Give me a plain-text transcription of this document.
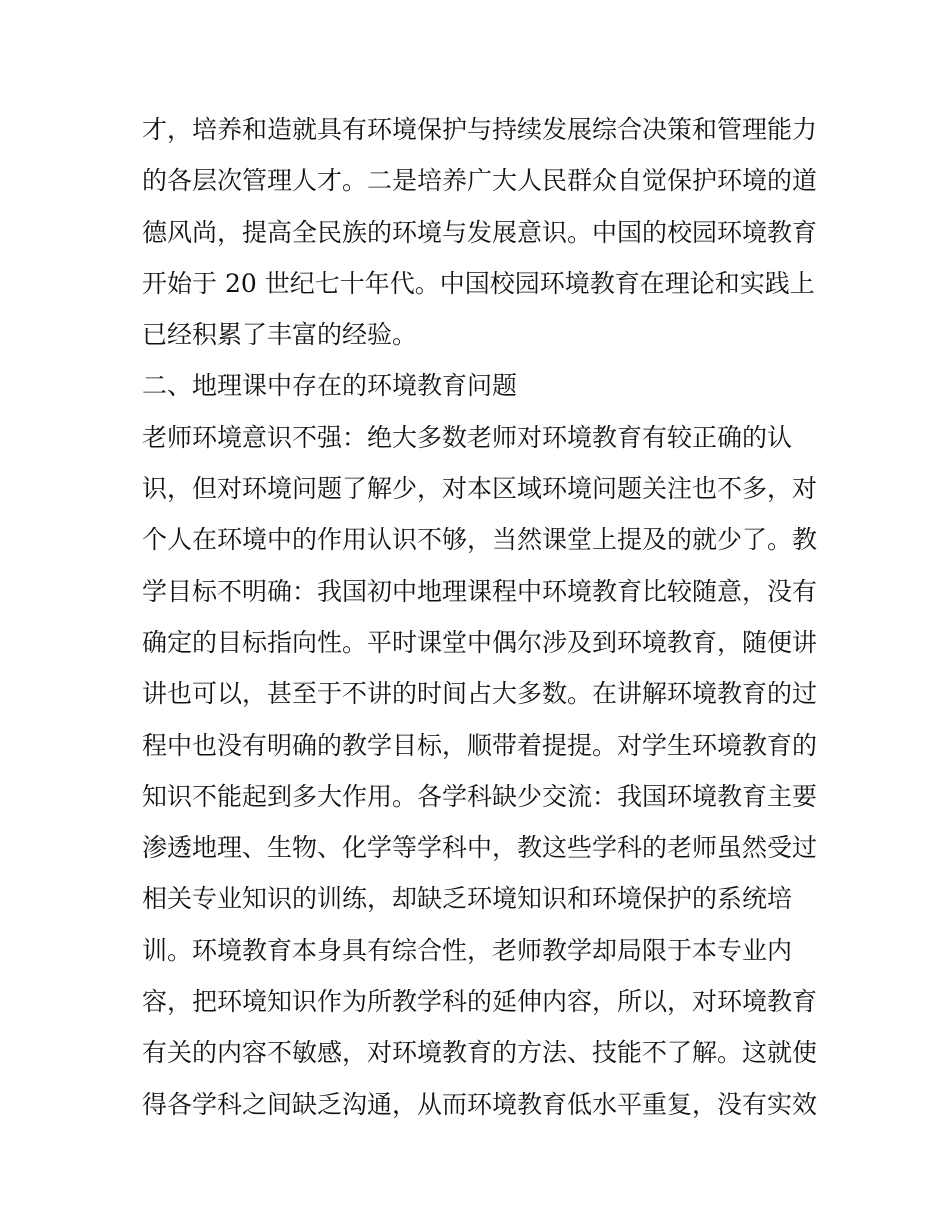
才，培养和造就具有环境保护与持续发展综合决策和管理能力
的各层次管理人才。二是培养广大人民群众自觉保护环境的道
德风尚，提高全民族的环境与发展意识。中国的校园环境教育
开始于 20 世纪七十年代。中国校园环境教育在理论和实践上
已经积累了丰富的经验。
二、地理课中存在的环境教育问题
老师环境意识不强：绝大多数老师对环境教育有较正确的认
识，但对环境问题了解少，对本区域环境问题关注也不多，对
个人在环境中的作用认识不够，当然课堂上提及的就少了。教
学目标不明确：我国初中地理课程中环境教育比较随意，没有
确定的目标指向性。平时课堂中偶尔涉及到环境教育，随便讲
讲也可以，甚至于不讲的时间占大多数。在讲解环境教育的过
程中也没有明确的教学目标，顺带着提提。对学生环境教育的
知识不能起到多大作用。各学科缺少交流：我国环境教育主要
渗透地理、生物、化学等学科中，教这些学科的老师虽然受过
相关专业知识的训练，却缺乏环境知识和环境保护的系统培
训。环境教育本身具有综合性，老师教学却局限于本专业内
容，把环境知识作为所教学科的延伸内容，所以，对环境教育
有关的内容不敏感，对环境教育的方法、技能不了解。这就使
得各学科之间缺乏沟通，从而环境教育低水平重复，没有实效
